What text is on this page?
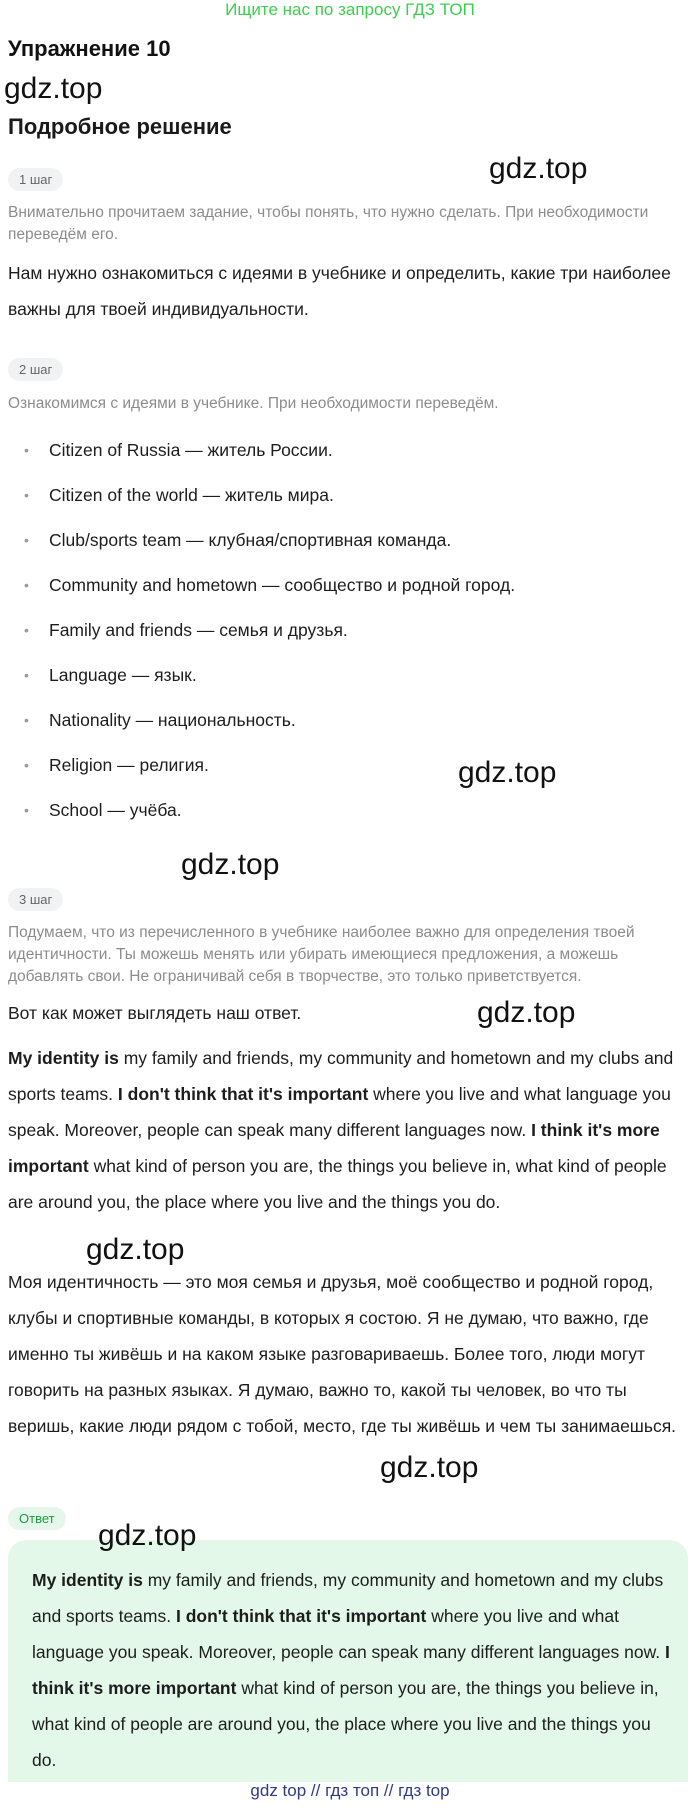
Ищите нас по запросу ГДЗ ТОП
Упражнение 10
gdz.top
Подробное решение
1 шаг	gdz.top
Внимательно прочитаем задание, чтобы понять, что нужно сделать. При необходимости переведём его.
Нам нужно ознакомиться с идеями в учебнике и определить, какие три наиболее важны для твоей индивидуальности.
2 шаг
Ознакомимся с идеями в учебнике. При необходимости переведём.
• Citizen of Russia — житель России.
• Citizen of the world — житель мира.
• Club/sports team — клубная/спортивная команда.
• Community and hometown — сообщество и родной город.
• Family and friends — семья и друзья.
• Language — язык.
• Nationality — национальность.
• Religion — религия.
• School — учёба.
gdz.top
gdz.top
3 шаг
Подумаем, что из перечисленного в учебнике наиболее важно для определения твоей идентичности. Ты можешь менять или убирать имеющиеся предложения, а можешь добавлять свои. Не ограничивай себя в творчестве, это только приветствуется.
Вот как может выглядеть наш ответ.	gdz.top
My identity is my family and friends, my community and hometown and my clubs and sports teams. I don't think that it's important where you live and what language you speak. Moreover, people can speak many different languages now. I think it's more important what kind of person you are, the things you believe in, what kind of people are around you, the place where you live and the things you do.
gdz.top
Моя идентичность — это моя семья и друзья, моё сообщество и родной город, клубы и спортивные команды, в которых я состою. Я не думаю, что важно, где именно ты живёшь и на каком языке разговариваешь. Более того, люди могут говорить на разных языках. Я думаю, важно то, какой ты человек, во что ты веришь, какие люди рядом с тобой, место, где ты живёшь и чем ты занимаешься.
gdz.top
Ответ
gdz.top
My identity is my family and friends, my community and hometown and my clubs and sports teams. I don't think that it's important where you live and what language you speak. Moreover, people can speak many different languages now. I think it's more important what kind of person you are, the things you believe in, what kind of people are around you, the place where you live and the things you do.
gdz top // гдз топ // гдз top
